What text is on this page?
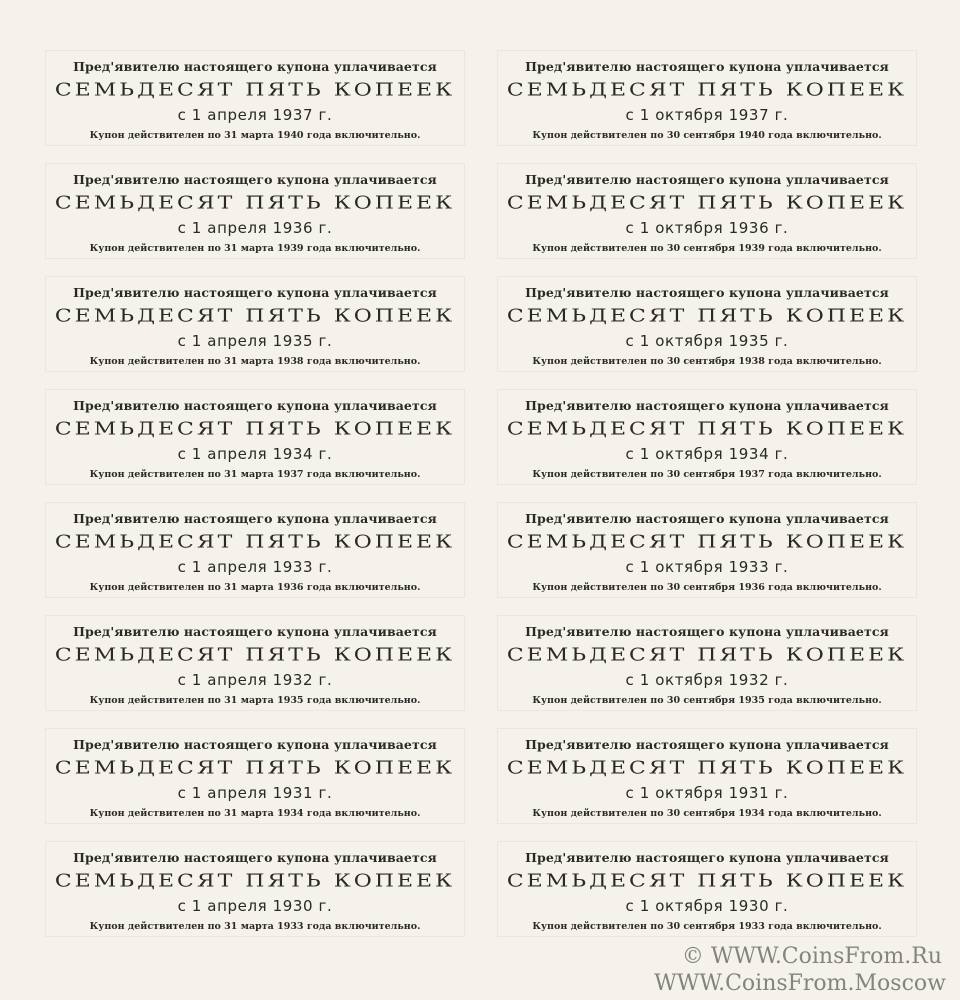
Пред'явителю настоящего купона уплачивается
СЕМЬДЕСЯТ ПЯТЬ КОПЕЕК
с 1 апреля 1937 г.
Купон действителен по 31 марта 1940 года включительно.
Пред'явителю настоящего купона уплачивается
СЕМЬДЕСЯТ ПЯТЬ КОПЕЕК
с 1 октября 1937 г.
Купон действителен по 30 сентября 1940 года включительно.
Пред'явителю настоящего купона уплачивается
СЕМЬДЕСЯТ ПЯТЬ КОПЕЕК
с 1 апреля 1936 г.
Купон действителен по 31 марта 1939 года включительно.
Пред'явителю настоящего купона уплачивается
СЕМЬДЕСЯТ ПЯТЬ КОПЕЕК
с 1 октября 1936 г.
Купон действителен по 30 сентября 1939 года включительно.
Пред'явителю настоящего купона уплачивается
СЕМЬДЕСЯТ ПЯТЬ КОПЕЕК
с 1 апреля 1935 г.
Купон действителен по 31 марта 1938 года включительно.
Пред'явителю настоящего купона уплачивается
СЕМЬДЕСЯТ ПЯТЬ КОПЕЕК
с 1 октября 1935 г.
Купон действителен по 30 сентября 1938 года включительно.
Пред'явителю настоящего купона уплачивается
СЕМЬДЕСЯТ ПЯТЬ КОПЕЕК
с 1 апреля 1934 г.
Купон действителен по 31 марта 1937 года включительно.
Пред'явителю настоящего купона уплачивается
СЕМЬДЕСЯТ ПЯТЬ КОПЕЕК
с 1 октября 1934 г.
Купон действителен по 30 сентября 1937 года включительно.
Пред'явителю настоящего купона уплачивается
СЕМЬДЕСЯТ ПЯТЬ КОПЕЕК
с 1 апреля 1933 г.
Купон действителен по 31 марта 1936 года включительно.
Пред'явителю настоящего купона уплачивается
СЕМЬДЕСЯТ ПЯТЬ КОПЕЕК
с 1 октября 1933 г.
Купон действителен по 30 сентября 1936 года включительно.
Пред'явителю настоящего купона уплачивается
СЕМЬДЕСЯТ ПЯТЬ КОПЕЕК
с 1 апреля 1932 г.
Купон действителен по 31 марта 1935 года включительно.
Пред'явителю настоящего купона уплачивается
СЕМЬДЕСЯТ ПЯТЬ КОПЕЕК
с 1 октября 1932 г.
Купон действителен по 30 сентября 1935 года включительно.
Пред'явителю настоящего купона уплачивается
СЕМЬДЕСЯТ ПЯТЬ КОПЕЕК
с 1 апреля 1931 г.
Купон действителен по 31 марта 1934 года включительно.
Пред'явителю настоящего купона уплачивается
СЕМЬДЕСЯТ ПЯТЬ КОПЕЕК
с 1 октября 1931 г.
Купон действителен по 30 сентября 1934 года включительно.
Пред'явителю настоящего купона уплачивается
СЕМЬДЕСЯТ ПЯТЬ КОПЕЕК
с 1 апреля 1930 г.
Купон действителен по 31 марта 1933 года включительно.
Пред'явителю настоящего купона уплачивается
СЕМЬДЕСЯТ ПЯТЬ КОПЕЕК
с 1 октября 1930 г.
Купон действителен по 30 сентября 1933 года включительно.
© WWW.CoinsFrom.Ru
WWW.CoinsFrom.Moscow
